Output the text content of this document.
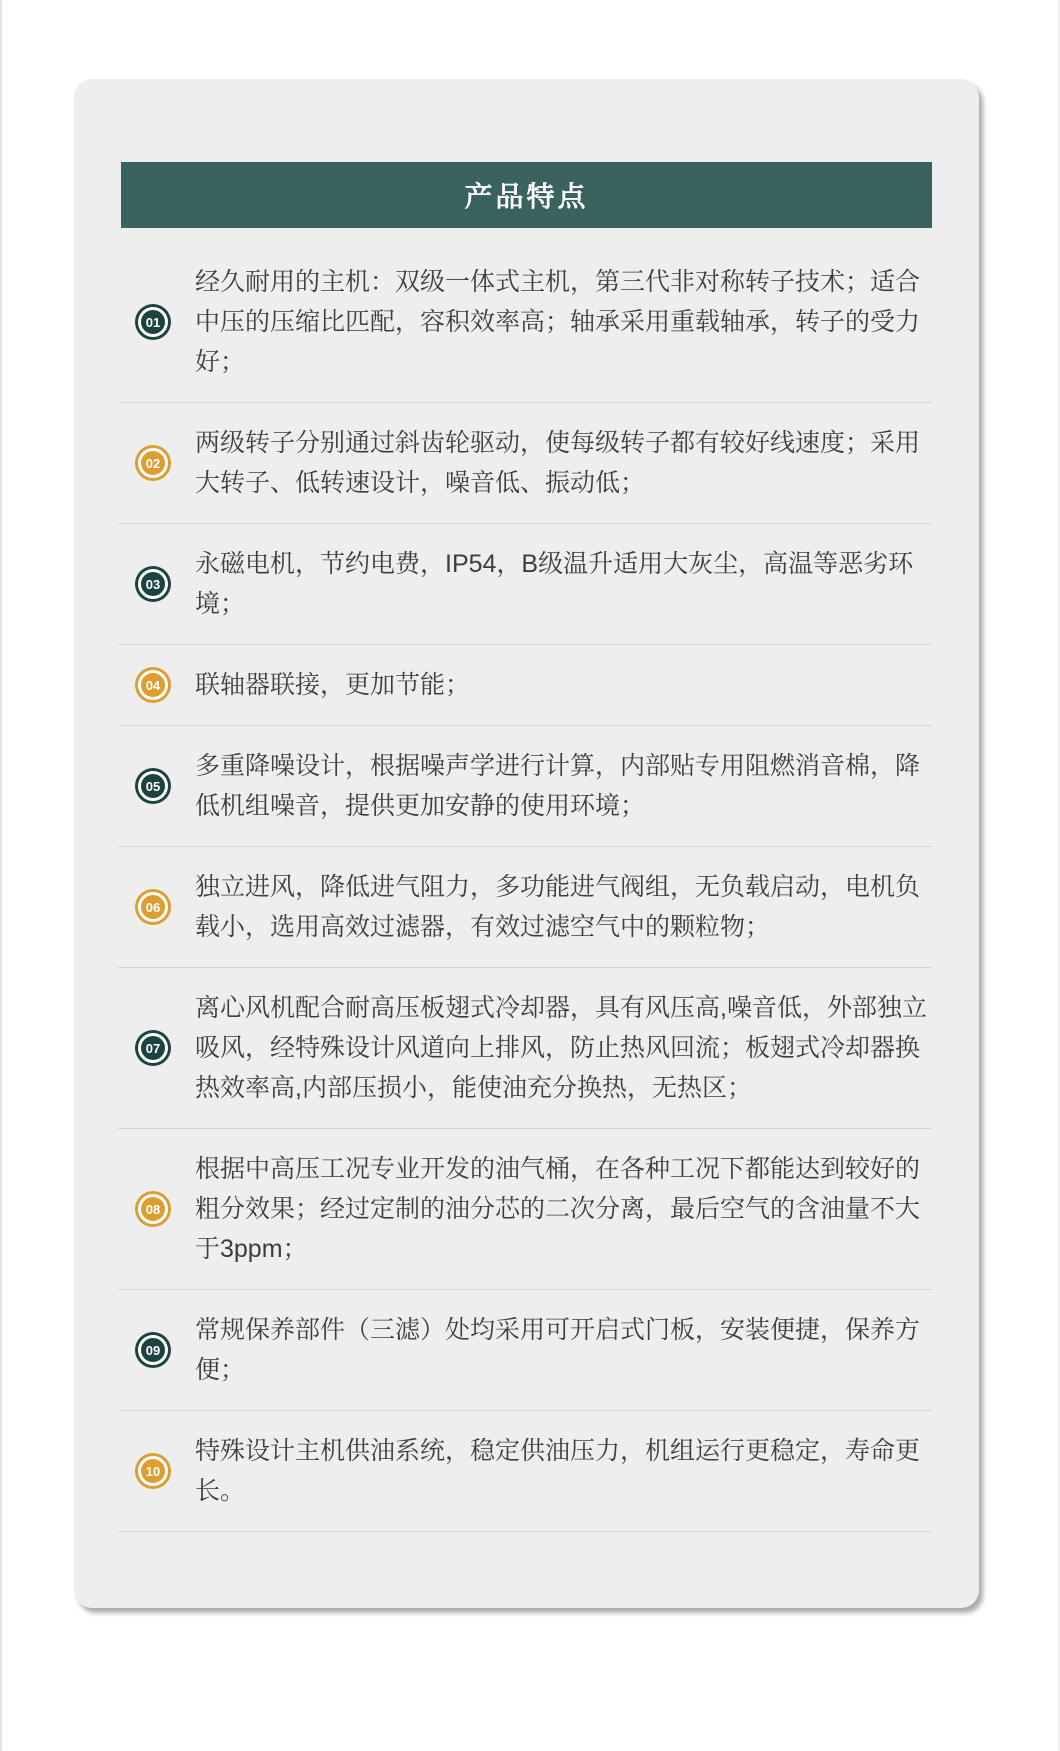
产品特点
01

经久耐用的主机：双级一体式主机，第三代非对称转子技术；适合中压的压缩比匹配，容积效率高；轴承采用重载轴承，转子的受力好；

02

两级转子分别通过斜齿轮驱动，使每级转子都有较好线速度；采用大转子、低转速设计，噪音低、振动低；

03

永磁电机，节约电费，IP54，B级温升适用大灰尘，高温等恶劣环境；

04 联轴器联接，更加节能；

05

多重降噪设计，根据噪声学进行计算，内部贴专用阻燃消音棉，降低机组噪音，提供更加安静的使用环境；

06

独立进风，降低进气阻力，多功能进气阀组，无负载启动，电机负载小，选用高效过滤器，有效过滤空气中的颗粒物；

07

离心风机配合耐高压板翅式冷却器，具有风压高,噪音低，外部独立吸风，经特殊设计风道向上排风，防止热风回流；板翅式冷却器换热效率高,内部压损小，能使油充分换热，无热区；

08

根据中高压工况专业开发的油气桶，在各种工况下都能达到较好的粗分效果；经过定制的油分芯的二次分离，最后空气的含油量不大于3ppm；

09

常规保养部件（三滤）处均采用可开启式门板，安装便捷，保养方便；

10

特殊设计主机供油系统，稳定供油压力，机组运行更稳定，寿命更长。
